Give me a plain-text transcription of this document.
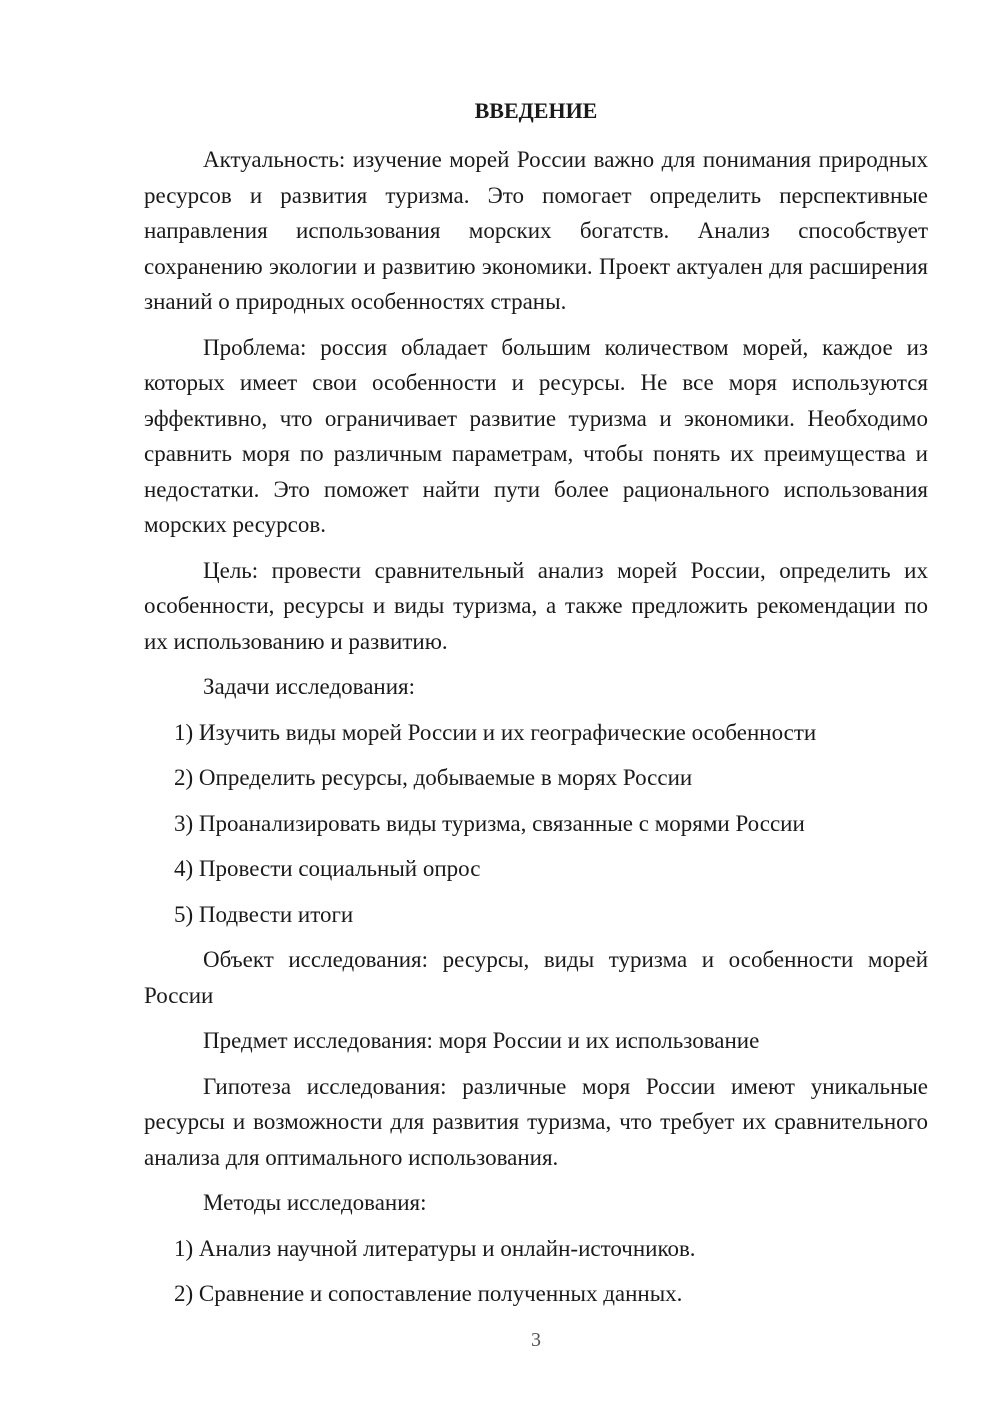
ВВЕДЕНИЕ

Актуальность: изучение морей России важно для понимания природных ресурсов и развития туризма. Это помогает определить перспективные направления использования морских богатств. Анализ способствует сохранению экологии и развитию экономики. Проект актуален для расширения знаний о природных особенностях страны.

Проблема: россия обладает большим количеством морей, каждое из которых имеет свои особенности и ресурсы. Не все моря используются эффективно, что ограничивает развитие туризма и экономики. Необходимо сравнить моря по различным параметрам, чтобы понять их преимущества и недостатки. Это поможет найти пути более рационального использования морских ресурсов.

Цель: провести сравнительный анализ морей России, определить их особенности, ресурсы и виды туризма, а также предложить рекомендации по их использованию и развитию.

Задачи исследования:

1) Изучить виды морей России и их географические особенности
2) Определить ресурсы, добываемые в морях России
3) Проанализировать виды туризма, связанные с морями России
4) Провести социальный опрос
5) Подвести итоги

Объект исследования: ресурсы, виды туризма и особенности морей России

Предмет исследования: моря России и их использование

Гипотеза исследования: различные моря России имеют уникальные ресурсы и возможности для развития туризма, что требует их сравнительного анализа для оптимального использования.

Методы исследования:

1) Анализ научной литературы и онлайн-источников.
2) Сравнение и сопоставление полученных данных.
3
